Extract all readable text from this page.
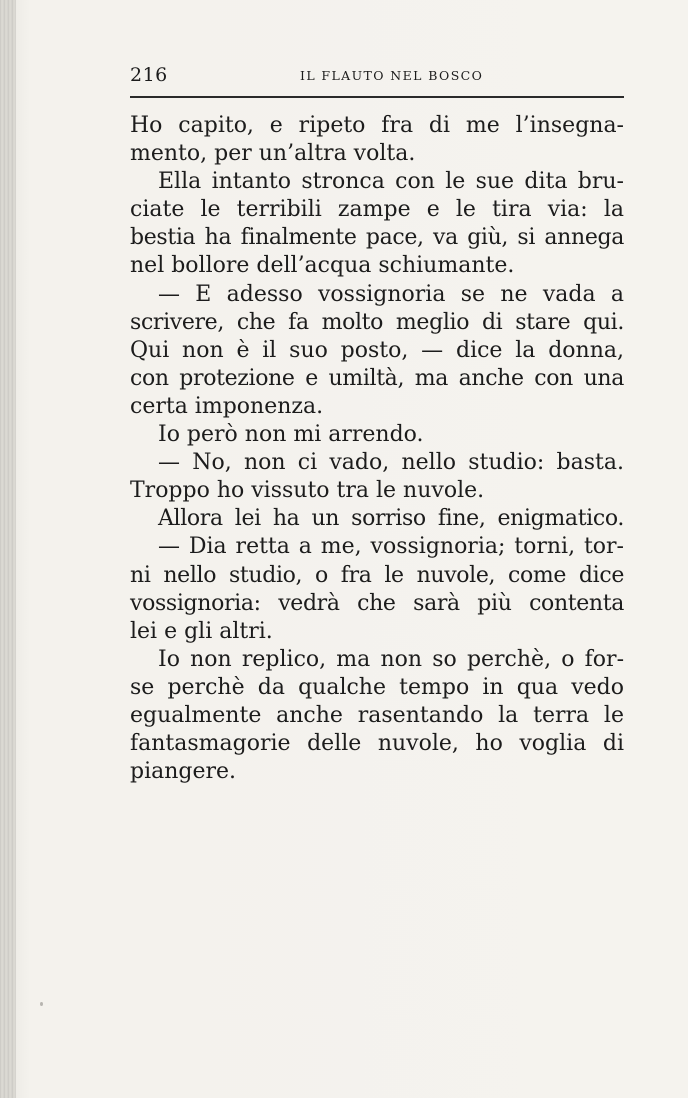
216	IL FLAUTO NEL BOSCO
Ho capito, e ripeto fra di me l’insegna-
mento, per un’altra volta.
Ella intanto stronca con le sue dita bru-
ciate le terribili zampe e le tira via: la
bestia ha finalmente pace, va giù, si annega
nel bollore dell’acqua schiumante.
— E adesso vossignoria se ne vada a
scrivere, che fa molto meglio di stare qui.
Qui non è il suo posto, — dice la donna,
con protezione e umiltà, ma anche con una
certa imponenza.
Io però non mi arrendo.
— No, non ci vado, nello studio: basta.
Troppo ho vissuto tra le nuvole.
Allora lei ha un sorriso fine, enigmatico.
— Dia retta a me, vossignoria; torni, tor-
ni nello studio, o fra le nuvole, come dice
vossignoria: vedrà che sarà più contenta
lei e gli altri.
Io non replico, ma non so perchè, o for-
se perchè da qualche tempo in qua vedo
egualmente anche rasentando la terra le
fantasmagorie delle nuvole, ho voglia di
piangere.
